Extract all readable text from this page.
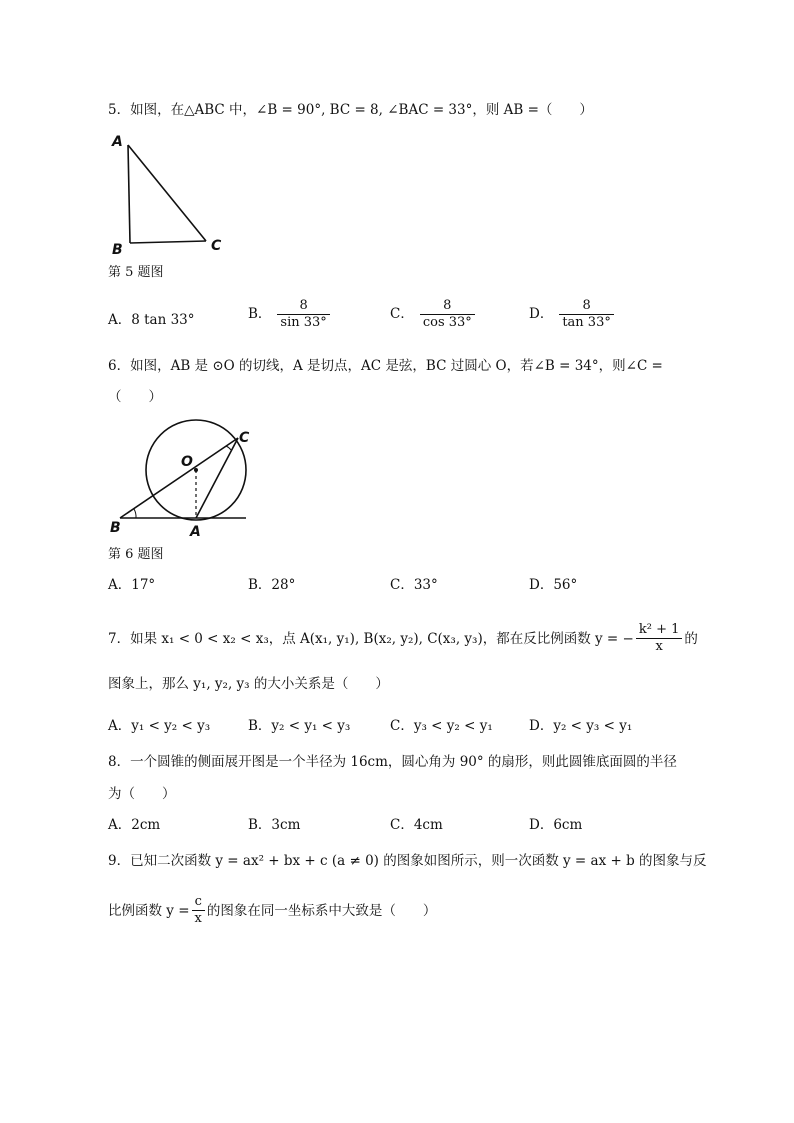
5．如图，在△ABC 中，∠B = 90°, BC = 8, ∠BAC = 33°，则 AB =（　　）
A
B	C
第 5 题图
A．8 tan 33°	B． $\frac{8}{\sin 33^\circ}$	C． $\frac{8}{\cos 33^\circ}$	D． $\frac{8}{\tan 33^\circ}$
6．如图，AB 是 ⊙O 的切线，A 是切点，AC 是弦，BC 过圆心 O，若∠B = 34°，则∠C =
（　　）
O
B	A
C
第 6 题图
A．17°	B．28°	C．33°	D．56°
7．如果 x₁ < 0 < x₂ < x₃，点 A(x₁, y₁), B(x₂, y₂), C(x₃, y₃)，都在反比例函数 y = − $\frac{\text{k² + 1}}{x}$ 的
图象上，那么 y₁, y₂, y₃ 的大小关系是（　　）
A．y₁ < y₂ < y₃	B．y₂ < y₁ < y₃	C．y₃ < y₂ < y₁	D．y₂ < y₃ < y₁
8．一个圆锥的侧面展开图是一个半径为 16cm，圆心角为 90° 的扇形，则此圆锥底面圆的半径
为（　　）
A．2cm	B．3cm	C．4cm	D．6cm
9．已知二次函数 y = ax² + bx + c (a ≠ 0) 的图象如图所示，则一次函数 y = ax + b 的图象与反
比例函数 $y = \frac{c}{x}$ 的图象在同一坐标系中大致是（　　）
